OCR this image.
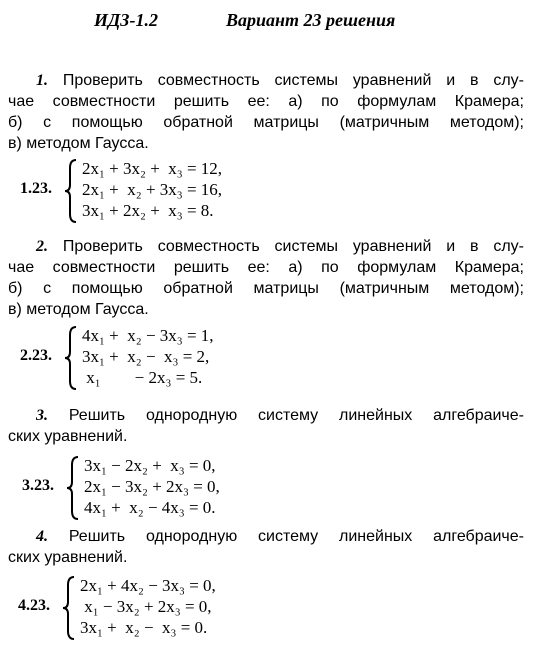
ИДЗ-1.2	Вариант 23 решения
1. Проверить совместность системы уравнений и в слу-
чае совместности решить ее: а) по формулам Крамера;
б) с помощью обратной матрицы (матричным методом);
в) методом Гаусса.
1.23.
2x₁ + 3x₂ +  x₃ = 12,
2x₁ +  x₂ + 3x₃ = 16,
3x₁ + 2x₂ +  x₃ = 8.
2. Проверить совместность системы уравнений и в слу-
чае совместности решить ее: а) по формулам Крамера;
б) с помощью обратной матрицы (матричным методом);
в) методом Гаусса.
2.23.
4x₁ +  x₂ − 3x₃ = 1,
3x₁ +  x₂ −  x₃ = 2,
x₁        − 2x₃ = 5.
3. Решить однородную систему линейных алгебраиче-
ских уравнений.
3.23.
3x₁ − 2x₂ +  x₃ = 0,
2x₁ − 3x₂ + 2x₃ = 0,
4x₁ +  x₂ − 4x₃ = 0.
4. Решить однородную систему линейных алгебраиче-
ских уравнений.
4.23.
2x₁ + 4x₂ − 3x₃ = 0,
x₁ − 3x₂ + 2x₃ = 0,
3x₁ +  x₂ −  x₃ = 0.
